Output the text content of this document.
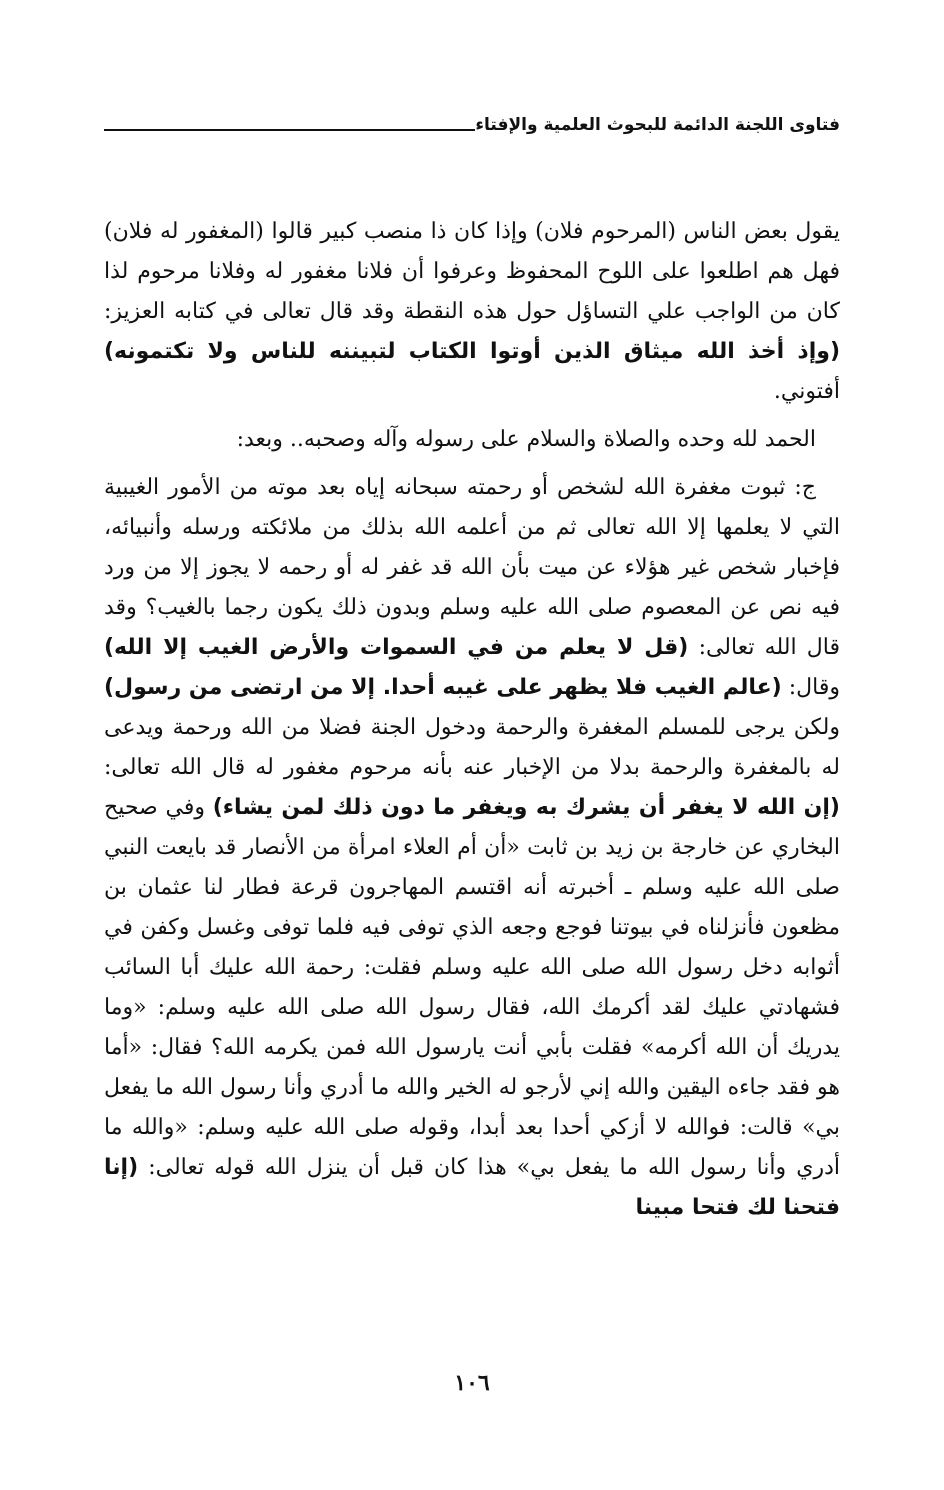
فتاوى اللجنة الدائمة للبحوث العلمية والإفتاء

يقول بعض الناس (المرحوم فلان) وإذا كان ذا منصب كبير قالوا (المغفور له فلان) فهل هم اطلعوا على اللوح المحفوظ وعرفوا أن فلانا مغفور له وفلانا مرحوم لذا كان من الواجب علي التساؤل حول هذه النقطة وقد قال تعالى في كتابه العزيز: (وإذ أخذ الله ميثاق الذين أوتوا الكتاب لتبيننه للناس ولا تكتمونه) أفتوني.

الحمد لله وحده والصلاة والسلام على رسوله وآله وصحبه.. وبعد:

ج: ثبوت مغفرة الله لشخص أو رحمته سبحانه إياه بعد موته من الأمور الغيبية التي لا يعلمها إلا الله تعالى ثم من أعلمه الله بذلك من ملائكته ورسله وأنبيائه، فإخبار شخص غير هؤلاء عن ميت بأن الله قد غفر له أو رحمه لا يجوز إلا من ورد فيه نص عن المعصوم صلى الله عليه وسلم وبدون ذلك يكون رجما بالغيب؟ وقد قال الله تعالى: (قل لا يعلم من في السموات والأرض الغيب إلا الله) وقال: (عالم الغيب فلا يظهر على غيبه أحدا. إلا من ارتضى من رسول) ولكن يرجى للمسلم المغفرة والرحمة ودخول الجنة فضلا من الله ورحمة ويدعى له بالمغفرة والرحمة بدلا من الإخبار عنه بأنه مرحوم مغفور له قال الله تعالى: (إن الله لا يغفر أن يشرك به ويغفر ما دون ذلك لمن يشاء) وفي صحيح البخاري عن خارجة بن زيد بن ثابت «أن أم العلاء امرأة من الأنصار قد بايعت النبي صلى الله عليه وسلم ـ أخبرته أنه اقتسم المهاجرون قرعة فطار لنا عثمان بن مظعون فأنزلناه في بيوتنا فوجع وجعه الذي توفى فيه فلما توفى وغسل وكفن في أثوابه دخل رسول الله صلى الله عليه وسلم فقلت: رحمة الله عليك أبا السائب فشهادتي عليك لقد أكرمك الله، فقال رسول الله صلى الله عليه وسلم: «وما يدريك أن الله أكرمه» فقلت بأبي أنت يارسول الله فمن يكرمه الله؟ فقال: «أما هو فقد جاءه اليقين والله إني لأرجو له الخير والله ما أدري وأنا رسول الله ما يفعل بي» قالت: فوالله لا أزكي أحدا بعد أبدا، وقوله صلى الله عليه وسلم: «والله ما أدري وأنا رسول الله ما يفعل بي» هذا كان قبل أن ينزل الله قوله تعالى: (إنا فتحنا لك فتحا مبينا

١٠٦
